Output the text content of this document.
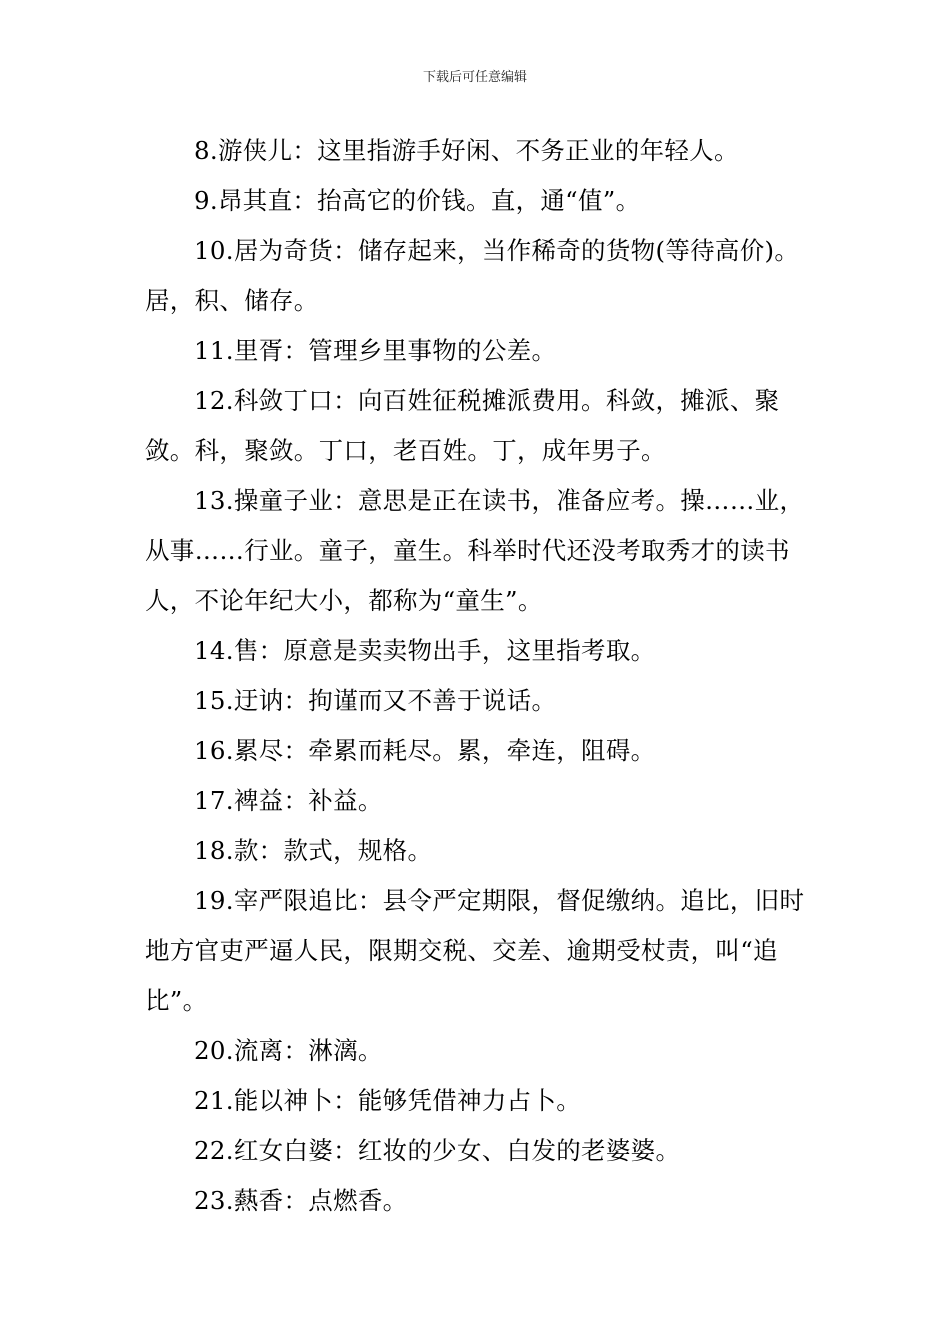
下载后可任意编辑

8.游侠儿：这里指游手好闲、不务正业的年轻人。

9.昂其直：抬高它的价钱。直，通“值”。

10.居为奇货：储存起来，当作稀奇的货物(等待高价)。居，积、储存。

11.里胥：管理乡里事物的公差。

12.科敛丁口：向百姓征税摊派费用。科敛，摊派、聚敛。科，聚敛。丁口，老百姓。丁，成年男子。

13.操童子业：意思是正在读书，准备应考。操……业，从事……行业。童子，童生。科举时代还没考取秀才的读书人，不论年纪大小，都称为“童生”。

14.售：原意是卖卖物出手，这里指考取。

15.迂讷：拘谨而又不善于说话。

16.累尽：牵累而耗尽。累，牵连，阻碍。

17.裨益：补益。

18.款：款式，规格。

19.宰严限追比：县令严定期限，督促缴纳。追比，旧时地方官吏严逼人民，限期交税、交差、逾期受杖责，叫“追比”。

20.流离：淋漓。

21.能以神卜：能够凭借神力占卜。

22.红女白婆：红妆的少女、白发的老婆婆。

23.爇香：点燃香。
